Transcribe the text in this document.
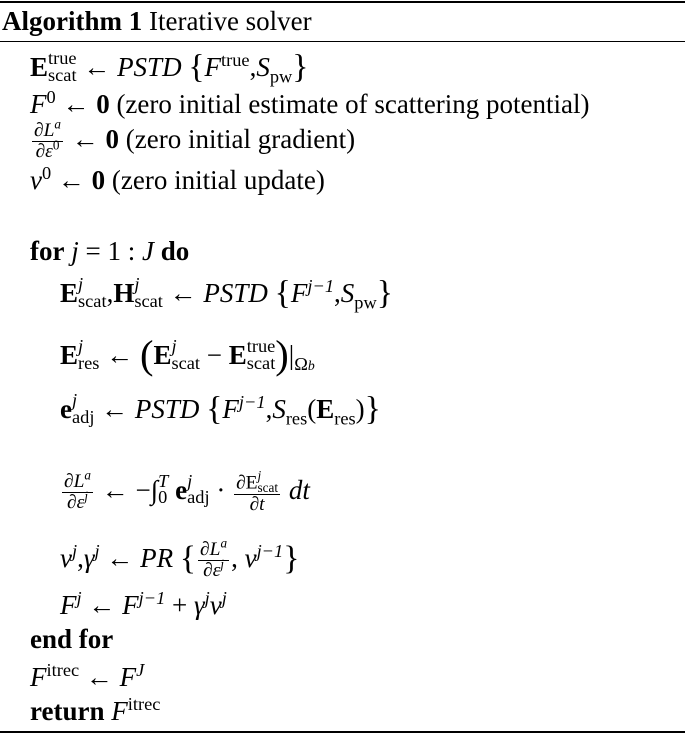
Algorithm 1 Iterative solver
E true
scat ← PSTD $\{F^{true},S_{pw}\}$
$F^0$ ← 0 (zero initial estimate of scattering potential)
$\frac{\partial L^a}{\partial\varepsilon^0}$ ← 0 (zero initial gradient)
$v^0$ ← 0 (zero initial update)
for j = 1 : J do
E j
scat ,H j
scat ← PSTD $\{F^{j-1},S_{pw}\}$
E j
res ← (E j
scat − E true
scat )$|_{\Omega b}$
e j
adj ← PSTD $\{F^{j-1},S_{res}(E_{res})\}$
$\frac{\partial L^a}{\partial\varepsilon^j}$ ← −∫ T
0 e j
adj · ∂E j
scat
∂t dt
$v^j,\gamma^j$ ← PR { $\frac{\partial L^a}{\partial\varepsilon^j}$ , $v^{j-1}$}
$F^j$ ← $F^{j-1} + \gamma^jv^j$
end for
$F^{itrec}$ ← $F^J$
return $F^{itrec}$
